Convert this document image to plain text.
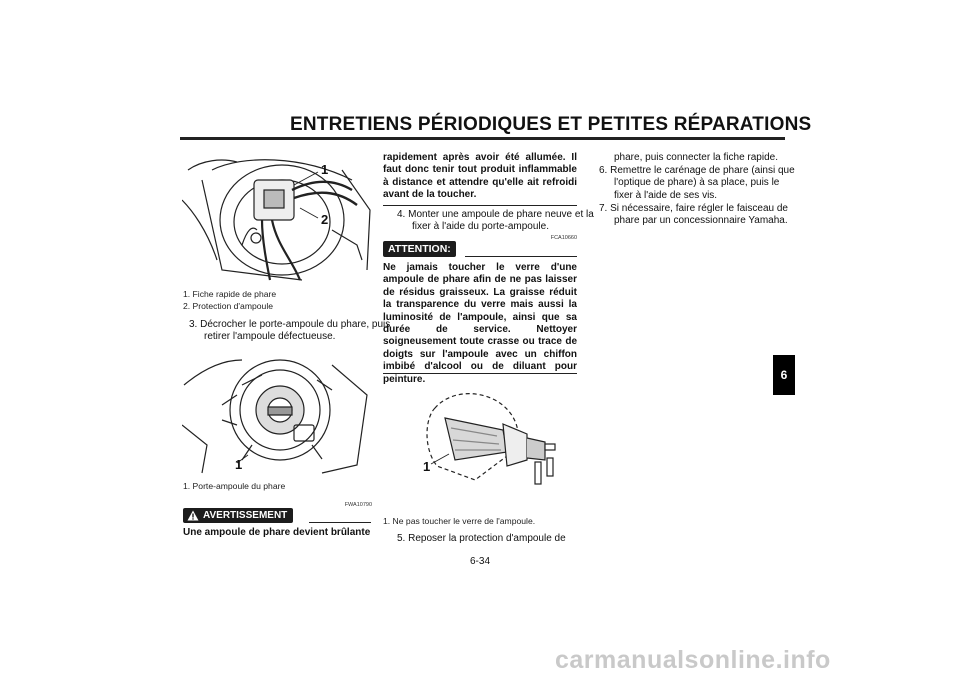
ENTRETIENS PÉRIODIQUES ET PETITES RÉPARATIONS
1
2
1. Fiche rapide de phare
2. Protection d'ampoule
3. Décrocher le porte-ampoule du phare, puis retirer l'ampoule défectueuse.
1
1. Porte-ampoule du phare
FWA10790
AVERTISSEMENT
Une ampoule de phare devient brûlante
rapidement après avoir été allumée. Il faut donc tenir tout produit inflammable à distance et attendre qu'elle ait refroidi avant de la toucher.
4. Monter une ampoule de phare neuve et la fixer à l'aide du porte-ampoule.
FCA10660
ATTENTION:
Ne jamais toucher le verre d'une ampoule de phare afin de ne pas laisser de résidus graisseux. La graisse réduit la transparence du verre mais aussi la luminosité de l'ampoule, ainsi que sa durée de service. Nettoyer soigneusement toute crasse ou trace de doigts sur l'ampoule avec un chiffon imbibé d'alcool ou de diluant pour peinture.
1
1. Ne pas toucher le verre de l'ampoule.
5. Reposer la protection d'ampoule de
phare, puis connecter la fiche rapide.
6. Remettre le carénage de phare (ainsi que l'optique de phare) à sa place, puis le fixer à l'aide de ses vis.
7. Si nécessaire, faire régler le faisceau de phare par un concessionnaire Yamaha.
6
6-34
carmanualsonline.info
